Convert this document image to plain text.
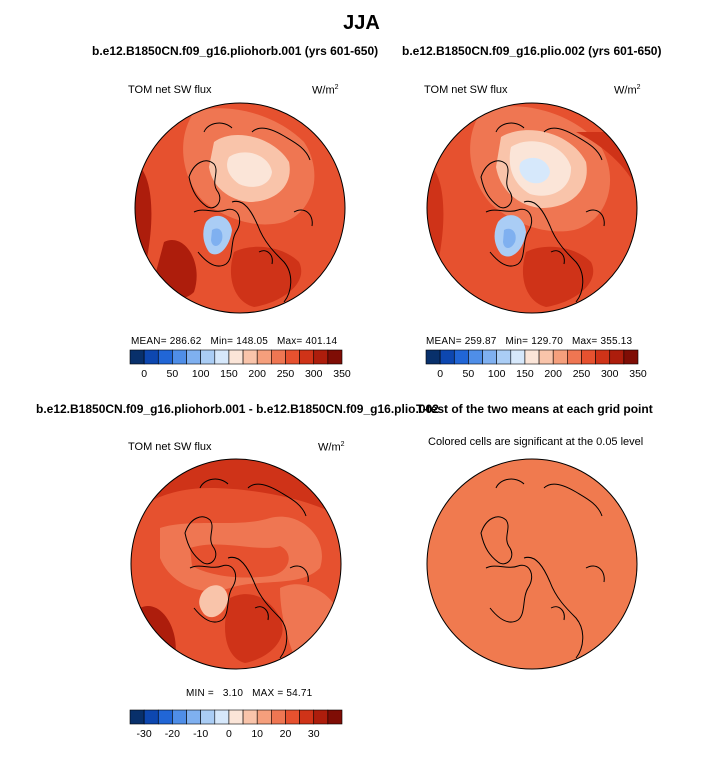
JJA
b.e12.B1850CN.f09_g16.pliohorb.001 (yrs 601-650)
TOM net SW flux	$W/m^2$
MEAN= 286.62 Min= 148.05 Max= 401.14
0	50	100	150	200	250	300	350
b.e12.B1850CN.f09_g16.plio.002 (yrs 601-650)
TOM net SW flux	$W/m^2$
MEAN= 259.87 Min= 129.70 Max= 355.13
0	50	100	150	200	250	300	350
b.e12.B1850CN.f09_g16.pliohorb.001 - b.e12.B1850CN.f09_g16.plio.002
TOM net SW flux	$W/m^2$
MIN = 3.10 MAX = 54.71
-30	-20	-10	0	10	20	30
T-test of the two means at each grid point
Colored cells are significant at the 0.05 level
